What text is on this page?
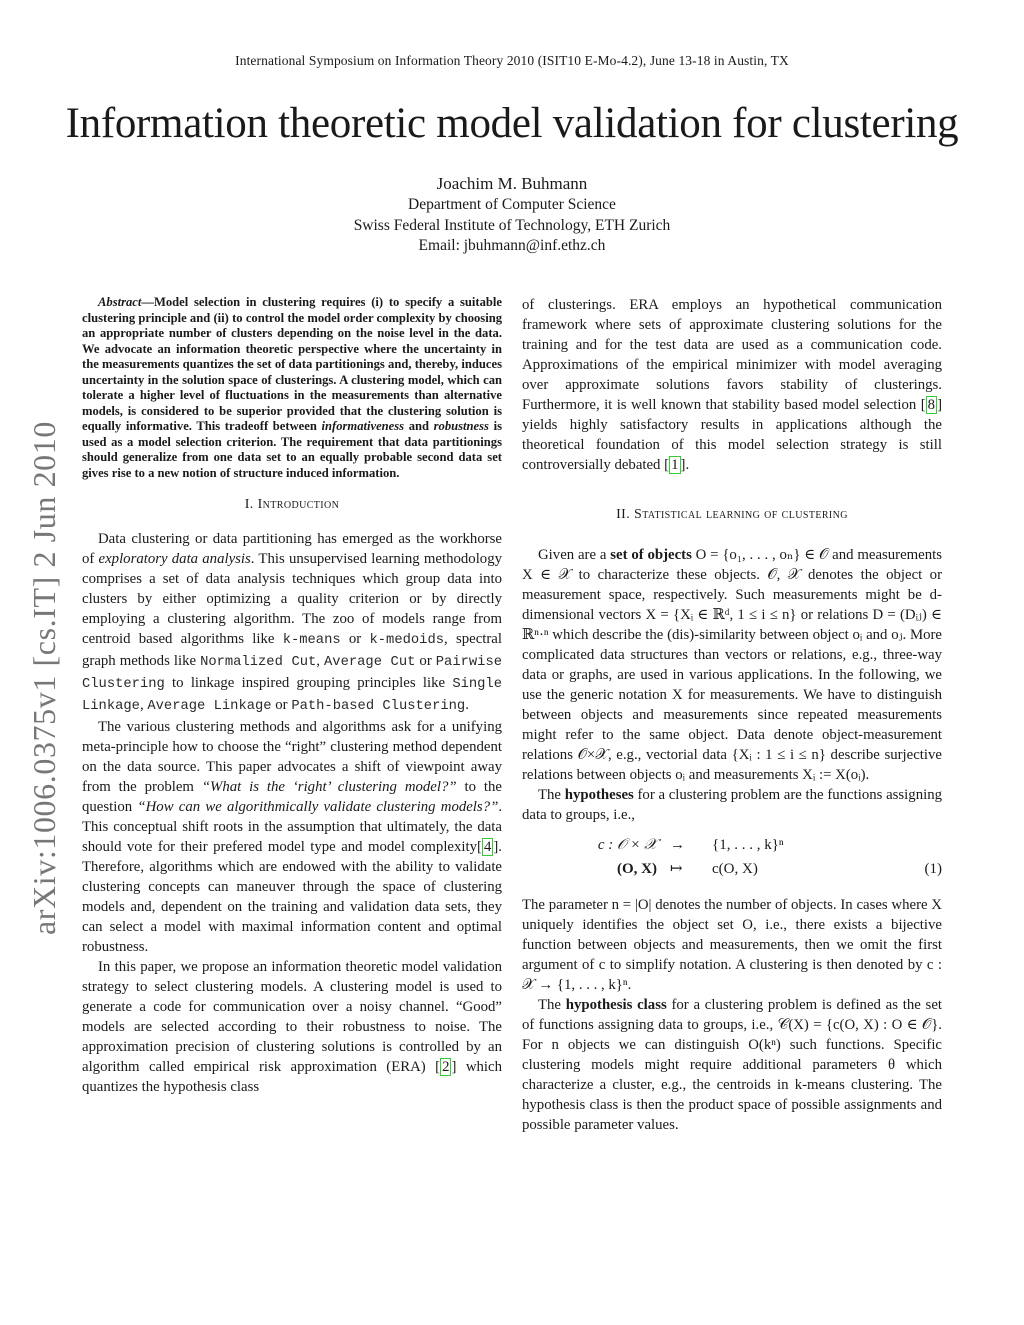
International Symposium on Information Theory 2010 (ISIT10 E-Mo-4.2), June 13-18 in Austin, TX
Information theoretic model validation for clustering
Joachim M. Buhmann
Department of Computer Science
Swiss Federal Institute of Technology, ETH Zurich
Email: jbuhmann@inf.ethz.ch
arXiv:1006.0375v1 [cs.IT] 2 Jun 2010
Abstract—Model selection in clustering requires (i) to specify a suitable clustering principle and (ii) to control the model order complexity by choosing an appropriate number of clusters depending on the noise level in the data. We advocate an information theoretic perspective where the uncertainty in the measurements quantizes the set of data partitionings and, thereby, induces uncertainty in the solution space of clusterings. A clustering model, which can tolerate a higher level of fluctuations in the measurements than alternative models, is considered to be superior provided that the clustering solution is equally informative. This tradeoff between informativeness and robustness is used as a model selection criterion. The requirement that data partitionings should generalize from one data set to an equally probable second data set gives rise to a new notion of structure induced information.
I. Introduction

Data clustering or data partitioning has emerged as the workhorse of exploratory data analysis. This unsupervised learning methodology comprises a set of data analysis techniques which group data into clusters by either optimizing a quality criterion or by directly employing a clustering algorithm. The zoo of models range from centroid based algorithms like k-means or k-medoids, spectral graph methods like Normalized Cut, Average Cut or Pairwise Clustering to linkage inspired grouping principles like Single Linkage, Average Linkage or Path-based Clustering.

The various clustering methods and algorithms ask for a unifying meta-principle how to choose the “right” clustering method dependent on the data source. This paper advocates a shift of viewpoint away from the problem “What is the ‘right’ clustering model?” to the question “How can we algorithmically validate clustering models?”. This conceptual shift roots in the assumption that ultimately, the data should vote for their prefered model type and model complexity[ 4 ]. Therefore, algorithms which are endowed with the ability to validate clustering concepts can maneuver through the space of clustering models and, dependent on the training and validation data sets, they can select a model with maximal information content and optimal robustness.

In this paper, we propose an information theoretic model validation strategy to select clustering models. A clustering model is used to generate a code for communication over a noisy channel. “Good” models are selected according to their robustness to noise. The approximation precision of clustering solutions is controlled by an algorithm called empirical risk approximation (ERA) [ 2 ] which quantizes the hypothesis class

of clusterings. ERA employs an hypothetical communication framework where sets of approximate clustering solutions for the training and for the test data are used as a communication code. Approximations of the empirical minimizer with model averaging over approximate solutions favors stability of clusterings. Furthermore, it is well known that stability based model selection [ 8 ] yields highly satisfactory results in applications although the theoretical foundation of this model selection strategy is still controversially debated [ 1 ].

II. Statistical learning of clustering

Given are a set of objects O = {o₁, . . . , oₙ} ∈ 𝒪 and measurements X ∈ 𝒳 to characterize these objects. 𝒪, 𝒳 denotes the object or measurement space, respectively. Such measurements might be d-dimensional vectors X = {Xᵢ ∈ ℝᵈ, 1 ≤ i ≤ n} or relations D = (Dᵢⱼ) ∈ ℝⁿ·ⁿ which describe the (dis)-similarity between object oᵢ and oⱼ. More complicated data structures than vectors or relations, e.g., three-way data or graphs, are used in various applications. In the following, we use the generic notation X for measurements. We have to distinguish between objects and measurements since repeated measurements might refer to the same object. Data denote object-measurement relations 𝒪×𝒳, e.g., vectorial data {Xᵢ : 1 ≤ i ≤ n} describe surjective relations between objects oᵢ and measurements Xᵢ := X(oᵢ).

The hypotheses for a clustering problem are the functions assigning data to groups, i.e.,

c : 𝒪 × 𝒳 → {1, . . . , k}ⁿ
(O, X) ↦ c(O, X)	(1)

The parameter n = |O| denotes the number of objects. In cases where X uniquely identifies the object set O, i.e., there exists a bijective function between objects and measurements, then we omit the first argument of c to simplify notation. A clustering is then denoted by c : 𝒳 → {1, . . . , k}ⁿ.

The hypothesis class for a clustering problem is defined as the set of functions assigning data to groups, i.e., 𝒞(X) = {c(O, X) : O ∈ 𝒪}. For n objects we can distinguish O(kⁿ) such functions. Specific clustering models might require additional parameters θ which characterize a cluster, e.g., the centroids in k-means clustering. The hypothesis class is then the product space of possible assignments and possible parameter values.
